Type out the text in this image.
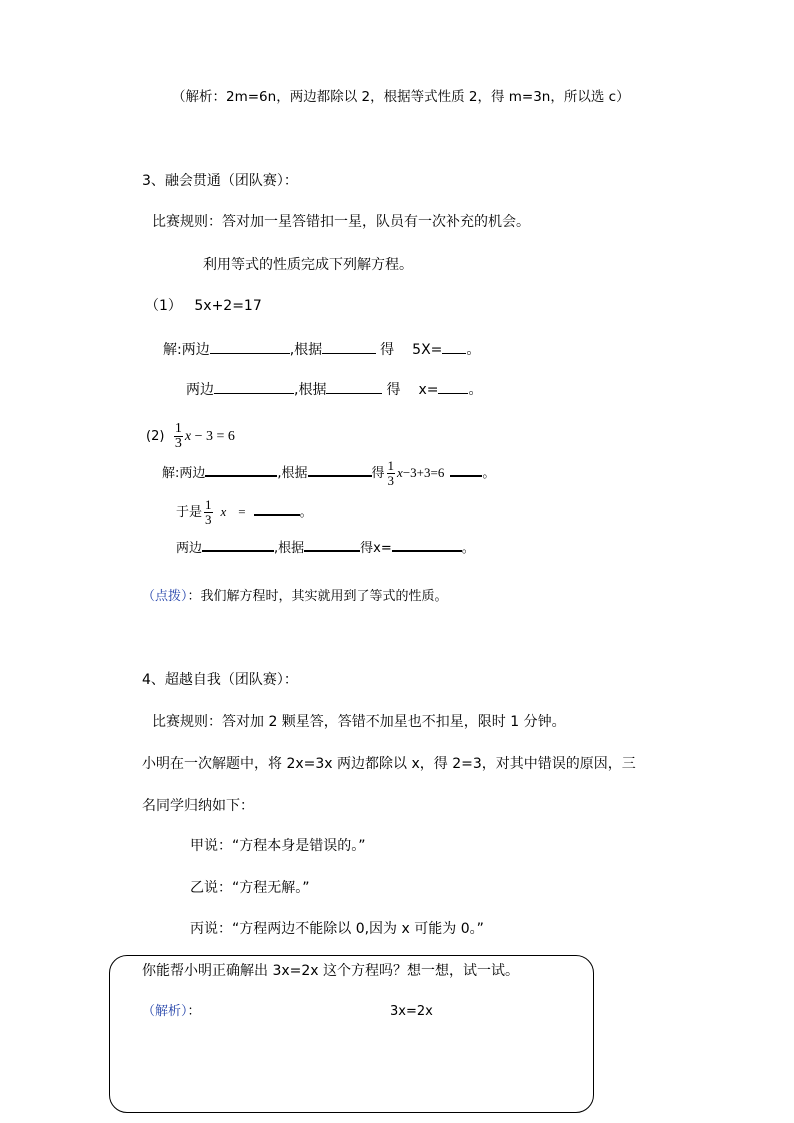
（解析：2m=6n，两边都除以 2，根据等式性质 2，得 m=3n，所以选 c）
3、融会贯通（团队赛）：
比赛规则：答对加一星答错扣一星，队员有一次补充的机会。
利用等式的性质完成下列解方程。
（1） 5x+2=17
解:两边	,根据	得 5X= 。
两边	,根据	得 x= 。
$(2) \frac{1}{3}$ x − 3 = 6
解:两边	,根据	得 $\frac{1}{3} x-3+3=6$	。
于是 $\frac{1}{3}$ x =	。
两边	,根据	得x=	。
（点拨）：我们解方程时，其实就用到了等式的性质。
4、超越自我（团队赛）：
比赛规则：答对加 2 颗星答，答错不加星也不扣星，限时 1 分钟。
小明在一次解题中，将 2x=3x 两边都除以 x，得 2=3，对其中错误的原因，三
名同学归纳如下：
甲说：“方程本身是错误的。”
乙说：“方程无解。”
丙说：“方程两边不能除以 0,因为 x 可能为 0。”
你能帮小明正确解出 3x=2x 这个方程吗？想一想，试一试。
（解析）：	3x=2x
